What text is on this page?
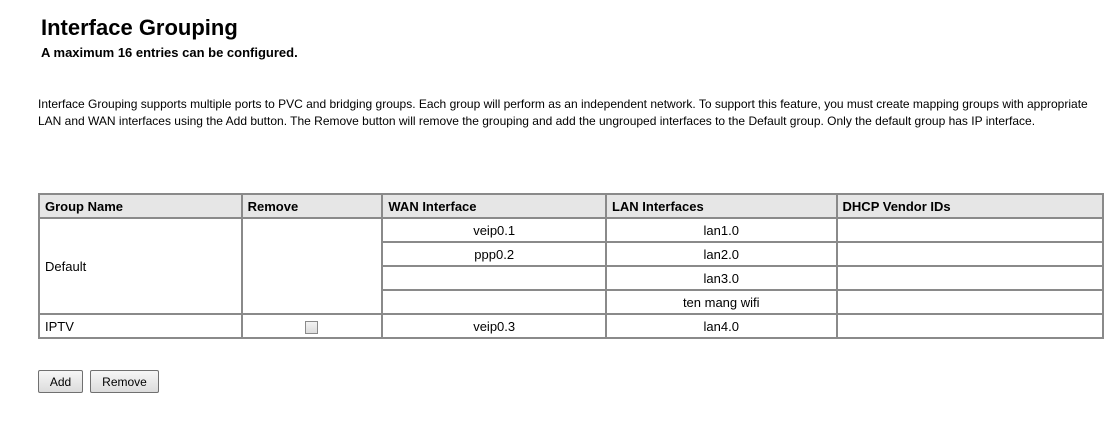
Interface Grouping
A maximum 16 entries can be configured.
Interface Grouping supports multiple ports to PVC and bridging groups. Each group will perform as an independent network. To support this feature, you must create mapping groups with appropriate LAN and WAN interfaces using the Add button. The Remove button will remove the grouping and add the ungrouped interfaces to the Default group. Only the default group has IP interface.
Group Name	Remove	WAN Interface	LAN Interfaces	DHCP Vendor IDs
Default		veip0.1	lan1.0	
		ppp0.2	lan2.0	
			lan3.0	
			ten mang wifi	
IPTV		veip0.3	lan4.0	
Add	Remove
